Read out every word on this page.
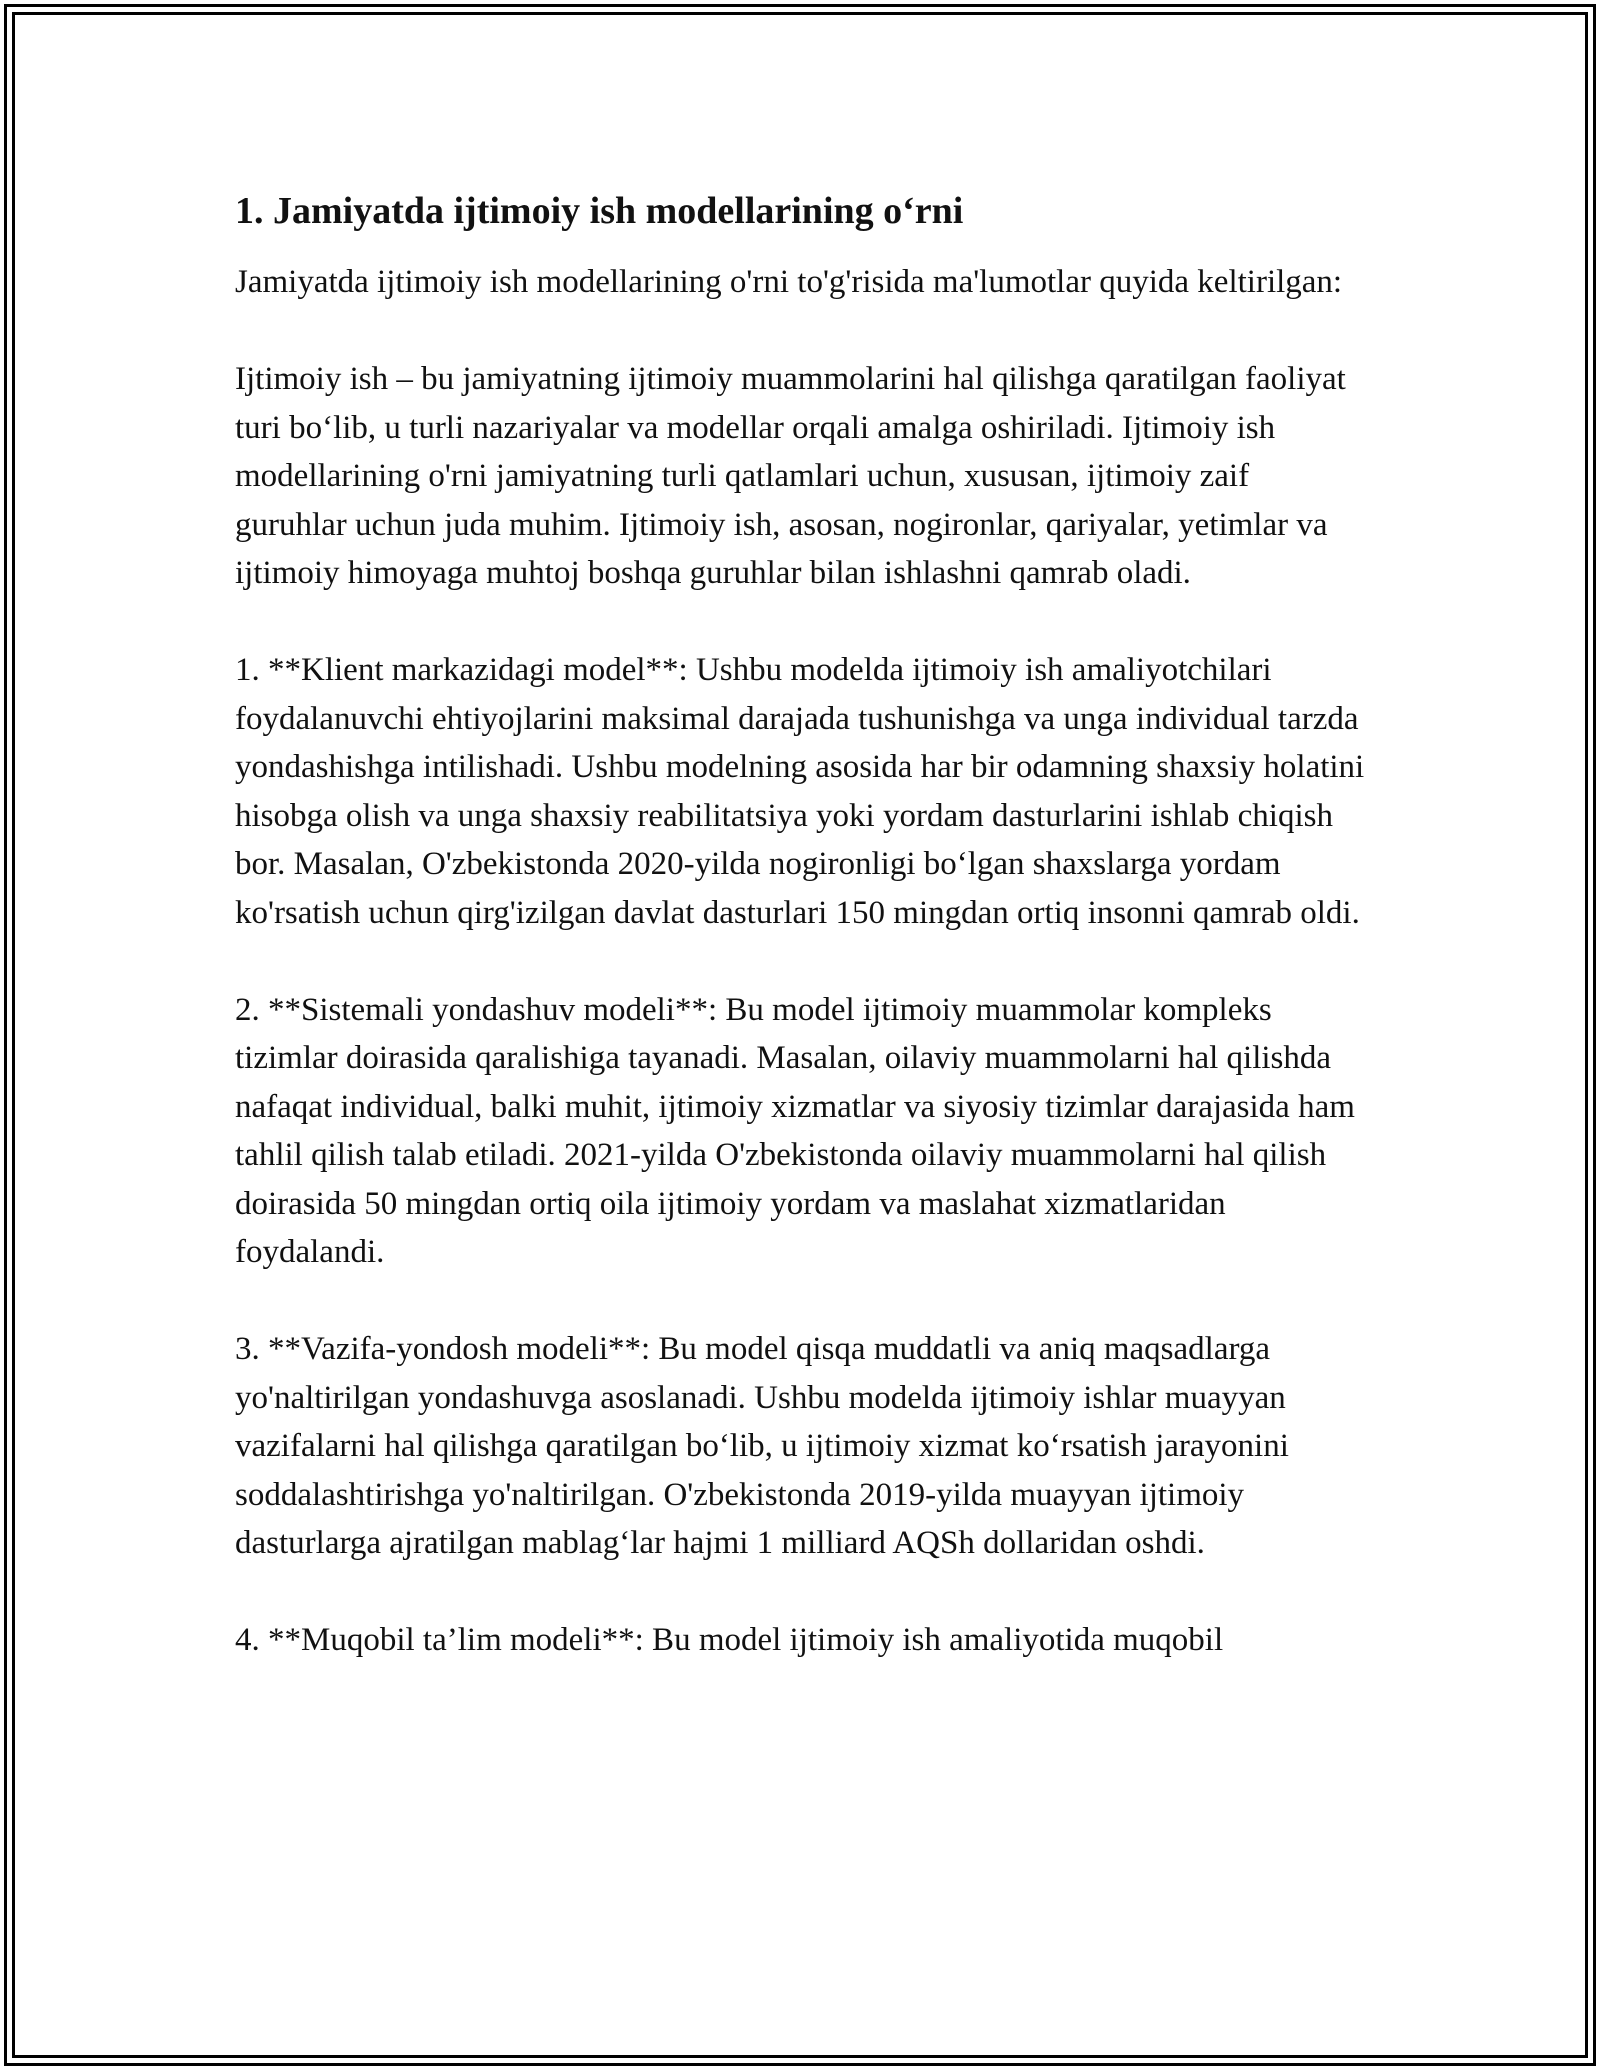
1. Jamiyatda ijtimoiy ish modellarining o‘rni

Jamiyatda ijtimoiy ish modellarining o'rni to'g'risida ma'lumotlar quyida keltirilgan:

Ijtimoiy ish – bu jamiyatning ijtimoiy muammolarini hal qilishga qaratilgan faoliyat turi bo‘lib, u turli nazariyalar va modellar orqali amalga oshiriladi. Ijtimoiy ish modellarining o'rni jamiyatning turli qatlamlari uchun, xususan, ijtimoiy zaif guruhlar uchun juda muhim. Ijtimoiy ish, asosan, nogironlar, qariyalar, yetimlar va ijtimoiy himoyaga muhtoj boshqa guruhlar bilan ishlashni qamrab oladi.

1. **Klient markazidagi model**: Ushbu modelda ijtimoiy ish amaliyotchilari foydalanuvchi ehtiyojlarini maksimal darajada tushunishga va unga individual tarzda yondashishga intilishadi. Ushbu modelning asosida har bir odamning shaxsiy holatini hisobga olish va unga shaxsiy reabilitatsiya yoki yordam dasturlarini ishlab chiqish bor. Masalan, O'zbekistonda 2020-yilda nogironligi bo‘lgan shaxslarga yordam ko'rsatish uchun qirg'izilgan davlat dasturlari 150 mingdan ortiq insonni qamrab oldi.

2. **Sistemali yondashuv modeli**: Bu model ijtimoiy muammolar kompleks tizimlar doirasida qaralishiga tayanadi. Masalan, oilaviy muammolarni hal qilishda nafaqat individual, balki muhit, ijtimoiy xizmatlar va siyosiy tizimlar darajasida ham tahlil qilish talab etiladi. 2021-yilda O'zbekistonda oilaviy muammolarni hal qilish doirasida 50 mingdan ortiq oila ijtimoiy yordam va maslahat xizmatlaridan foydalandi.

3. **Vazifa-yondosh modeli**: Bu model qisqa muddatli va aniq maqsadlarga yo'naltirilgan yondashuvga asoslanadi. Ushbu modelda ijtimoiy ishlar muayyan vazifalarni hal qilishga qaratilgan bo‘lib, u ijtimoiy xizmat ko‘rsatish jarayonini soddalashtirishga yo'naltirilgan. O'zbekistonda 2019-yilda muayyan ijtimoiy dasturlarga ajratilgan mablag‘lar hajmi 1 milliard AQSh dollaridan oshdi.

4. **Muqobil ta’lim modeli**: Bu model ijtimoiy ish amaliyotida muqobil
